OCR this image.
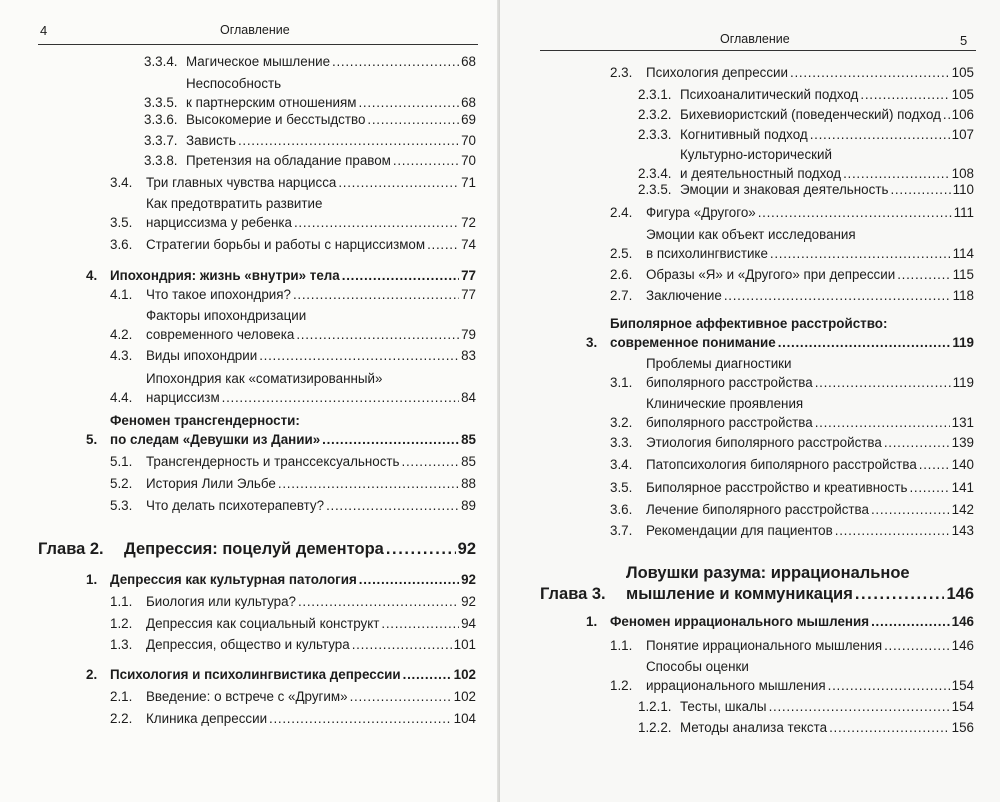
4	Оглавление
3.3.4. Магическое мышление . . .	68
3.3.5.
Неспособность
к партнерским отношениям . . .	68
3.3.6. Высокомерие и бесстыдство . . .	69
3.3.7. Зависть . . .	70
3.3.8. Претензия на обладание правом . . .	70
3.4.	Три главных чувства нарцисса . . .	71
3.5.
Как предотвратить развитие
нарциссизма у ребенка . . .	72
3.6.	Стратегии борьбы и работы с нарциссизмом . . .	74
4. Ипохондрия: жизнь «внутри» тела . . .	77
4.1.	Что такое ипохондрия? . . .	77
4.2.
Факторы ипохондризации
современного человека . . .	79
4.3.	Виды ипохондрии . . .	83
4.4.
Ипохондрия как «соматизированный»
нарциссизм . . .	84
5.
Феномен трансгендерности:
по следам «Девушки из Дании» . . .	85
5.1.	Трансгендерность и транссексуальность . . .	85
5.2.	История Лили Эльбе . . .	88
5.3.	Что делать психотерапевту? . . .	89
Глава 2.	Депрессия: поцелуй дементора . . .	92
1. Депрессия как культурная патология . . .	92
1.1.	Биология или культура? . . .	92
1.2.	Депрессия как социальный конструкт . . .	94
1.3.	Депрессия, общество и культура . . .	101
2. Психология и психолингвистика депрессии . . .	102
2.1.	Введение: о встрече с «Другим» . . .	102
2.2.	Клиника депрессии . . .	104
Оглавление	5
2.3.	Психология депрессии . . .	105
2.3.1. Психоаналитический подход . . .	105
2.3.2. Бихевиористский (поведенческий) подход . . . 106
2.3.3. Когнитивный подход . . .	107
2.3.4.
Культурно-исторический
и деятельностный подход . . .	108
2.3.5. Эмоции и знаковая деятельность . . .	110
2.4.	Фигура «Другого» . . .	111
2.5.
Эмоции как объект исследования
в психолингвистике . . .	114
2.6.	Образы «Я» и «Другого» при депрессии . . .	115
2.7.	Заключение . . .	118
3.
Биполярное аффективное расстройство:
современное понимание . . .	119
3.1.
Проблемы диагностики
биполярного расстройства . . .	119
3.2.
Клинические проявления
биполярного расстройства . . .	131
3.3.	Этиология биполярного расстройства . . .	139
3.4.	Патопсихология биполярного расстройства . . .	140
3.5.	Биполярное расстройство и креативность . . .	141
3.6.	Лечение биполярного расстройства . . .	142
3.7.	Рекомендации для пациентов . . .	143
Глава 3.
Ловушки разума: иррациональное
мышление и коммуникация . . .	146
1. Феномен иррационального мышления . . .	146
1.1.	Понятие иррационального мышления . . .	146
1.2.
Способы оценки
иррационального мышления . . .	154
1.2.1. Тесты, шкалы . . .	154
1.2.2. Методы анализа текста . . .	156
